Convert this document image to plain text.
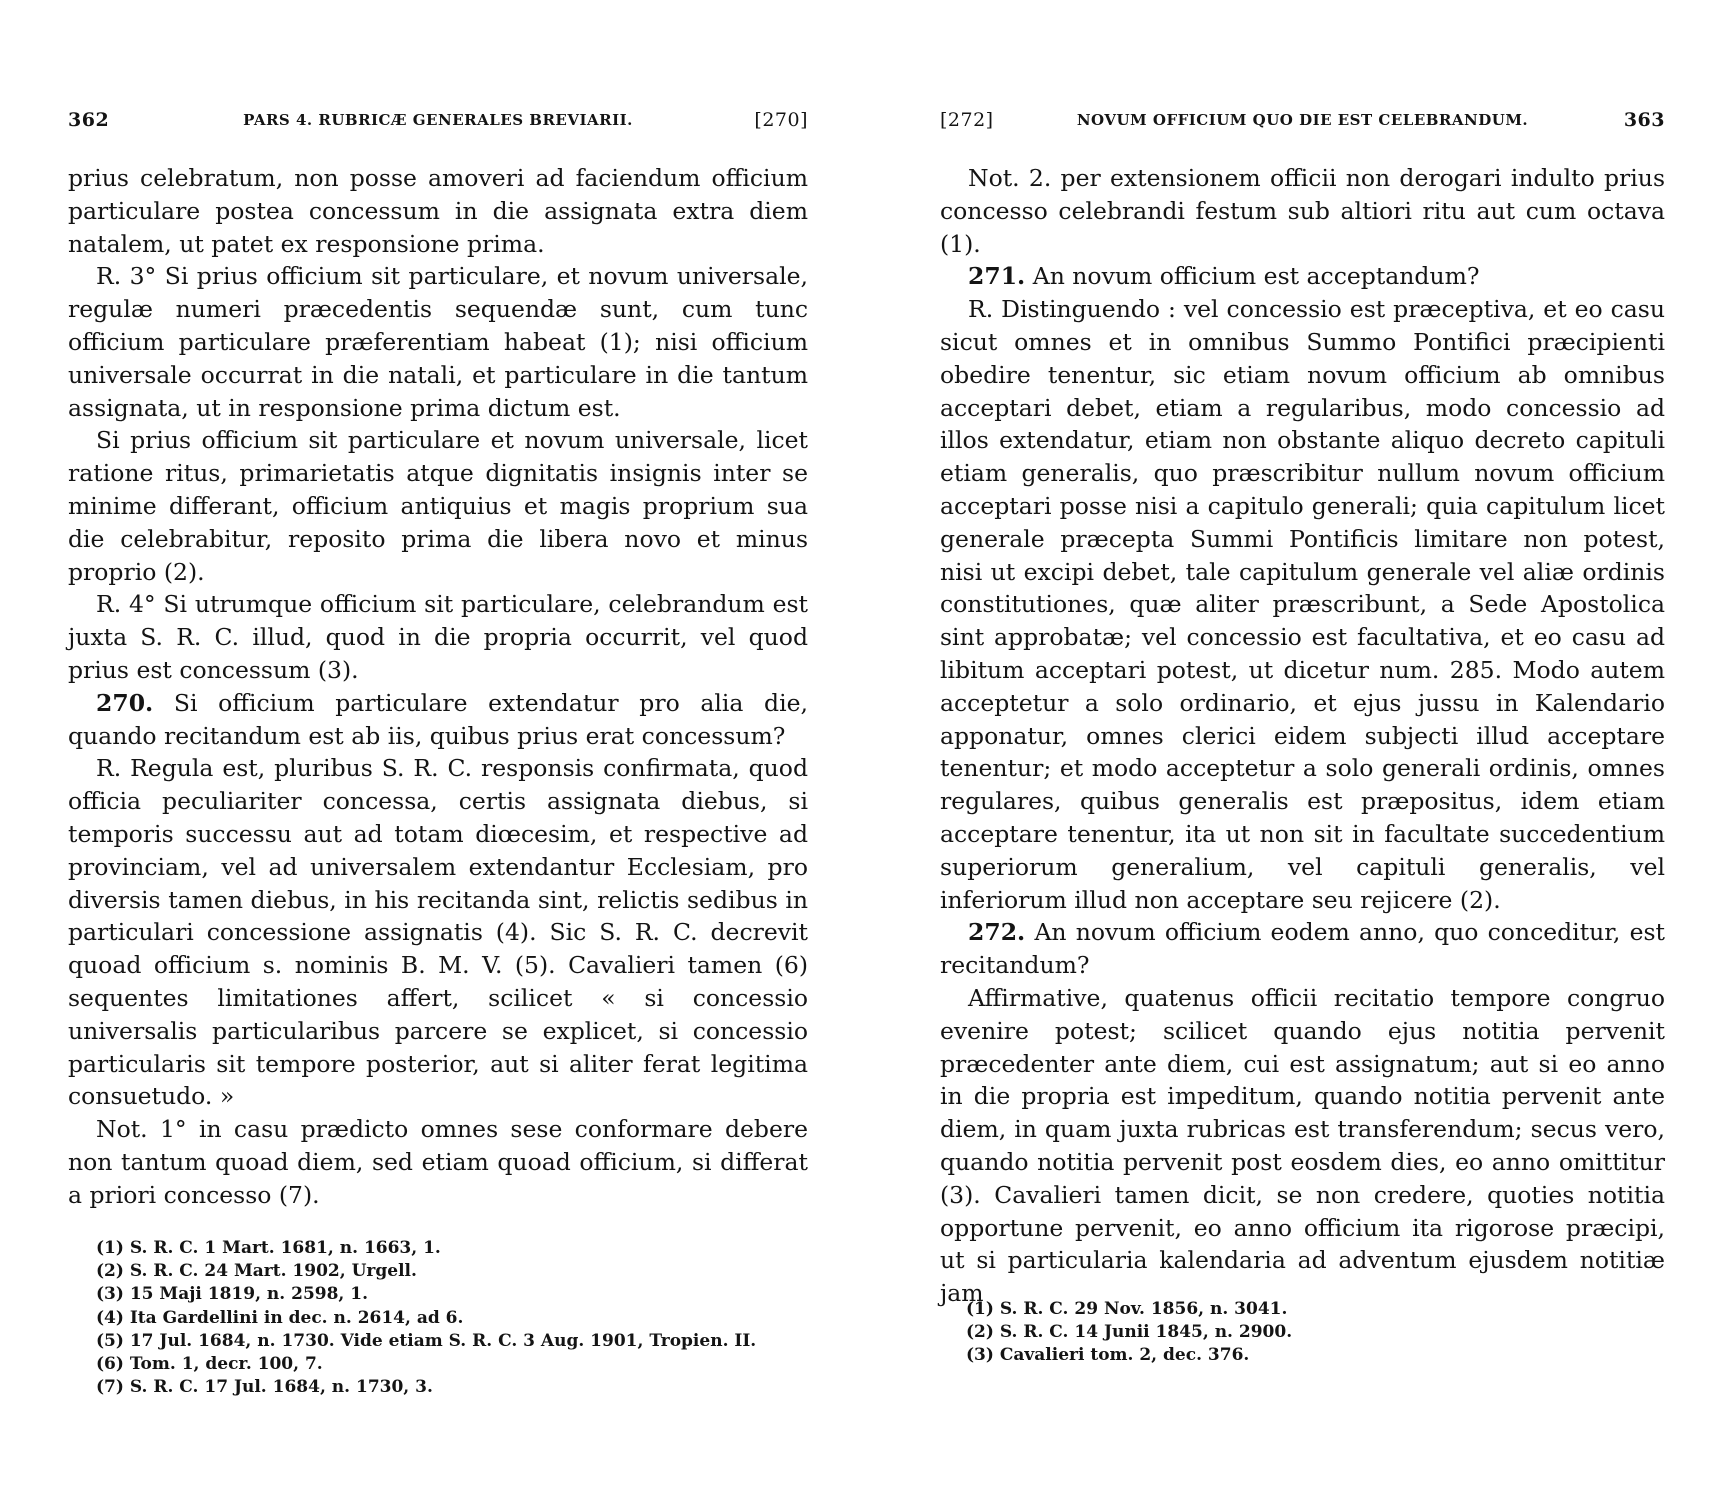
362	PARS 4. RUBRICÆ GENERALES BREVIARII.	[270]

prius celebratum, non posse amoveri ad faciendum officium particulare postea concessum in die assignata extra diem natalem, ut patet ex responsione prima.

R. 3° Si prius officium sit particulare, et novum universale, regulæ numeri præcedentis sequendæ sunt, cum tunc officium particulare præferentiam habeat (1); nisi officium universale occurrat in die natali, et particulare in die tantum assignata, ut in responsione prima dictum est.

Si prius officium sit particulare et novum universale, licet ratione ritus, primarietatis atque dignitatis insignis inter se minime differant, officium antiquius et magis proprium sua die celebrabitur, reposito prima die libera novo et minus proprio (2).

R. 4° Si utrumque officium sit particulare, celebrandum est juxta S. R. C. illud, quod in die propria occurrit, vel quod prius est concessum (3).

270. Si officium particulare extendatur pro alia die, quando recitandum est ab iis, quibus prius erat concessum?

R. Regula est, pluribus S. R. C. responsis confirmata, quod officia peculiariter concessa, certis assignata diebus, si temporis successu aut ad totam diœcesim, et respective ad provinciam, vel ad universalem extendantur Ecclesiam, pro diversis tamen diebus, in his recitanda sint, relictis sedibus in particulari concessione assignatis (4). Sic S. R. C. decrevit quoad officium s. nominis B. M. V. (5). Cavalieri tamen (6) sequentes limitationes affert, scilicet « si concessio universalis particularibus parcere se explicet, si concessio particularis sit tempore posterior, aut si aliter ferat legitima consuetudo. »

Not. 1° in casu prædicto omnes sese conformare debere non tantum quoad diem, sed etiam quoad officium, si differat a priori concesso (7).

(1) S. R. C. 1 Mart. 1681, n. 1663, 1.
(2) S. R. C. 24 Mart. 1902, Urgell.
(3) 15 Maji 1819, n. 2598, 1.
(4) Ita Gardellini in dec. n. 2614, ad 6.
(5) 17 Jul. 1684, n. 1730. Vide etiam S. R. C. 3 Aug. 1901, Tropien. II.
(6) Tom. 1, decr. 100, 7.
(7) S. R. C. 17 Jul. 1684, n. 1730, 3.
[272]	NOVUM OFFICIUM QUO DIE EST CELEBRANDUM.	363

Not. 2. per extensionem officii non derogari indulto prius concesso celebrandi festum sub altiori ritu aut cum octava (1).

271. An novum officium est acceptandum?

R. Distinguendo : vel concessio est præceptiva, et eo casu sicut omnes et in omnibus Summo Pontifici præcipienti obedire tenentur, sic etiam novum officium ab omnibus acceptari debet, etiam a regularibus, modo concessio ad illos extendatur, etiam non obstante aliquo decreto capituli etiam generalis, quo præscribitur nullum novum officium acceptari posse nisi a capitulo generali; quia capitulum licet generale præcepta Summi Pontificis limitare non potest, nisi ut excipi debet, tale capitulum generale vel aliæ ordinis constitutiones, quæ aliter præscribunt, a Sede Apostolica sint approbatæ; vel concessio est facultativa, et eo casu ad libitum acceptari potest, ut dicetur num. 285. Modo autem acceptetur a solo ordinario, et ejus jussu in Kalendario apponatur, omnes clerici eidem subjecti illud acceptare tenentur; et modo acceptetur a solo generali ordinis, omnes regulares, quibus generalis est præpositus, idem etiam acceptare tenentur, ita ut non sit in facultate succedentium superiorum generalium, vel capituli generalis, vel inferiorum illud non acceptare seu rejicere (2).

272. An novum officium eodem anno, quo conceditur, est recitandum?

Affirmative, quatenus officii recitatio tempore congruo evenire potest; scilicet quando ejus notitia pervenit præcedenter ante diem, cui est assignatum; aut si eo anno in die propria est impeditum, quando notitia pervenit ante diem, in quam juxta rubricas est transferendum; secus vero, quando notitia pervenit post eosdem dies, eo anno omittitur (3). Cavalieri tamen dicit, se non credere, quoties notitia opportune pervenit, eo anno officium ita rigorose præcipi, ut si particularia kalendaria ad adventum ejusdem notitiæ jam

(1) S. R. C. 29 Nov. 1856, n. 3041.
(2) S. R. C. 14 Junii 1845, n. 2900.
(3) Cavalieri tom. 2, dec. 376.
